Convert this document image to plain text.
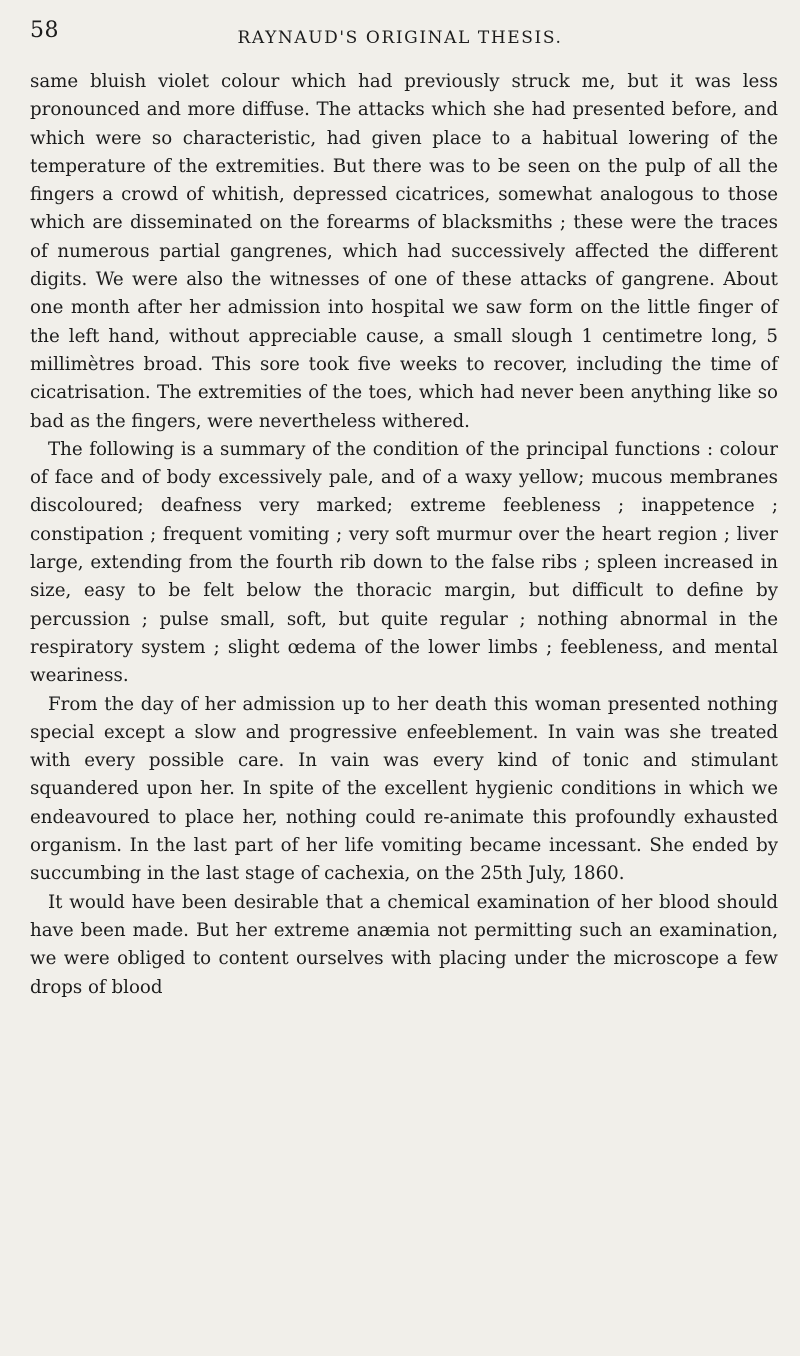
58	RAYNAUD'S ORIGINAL THESIS.

same bluish violet colour which had previously struck me, but it was less pronounced and more diffuse. The attacks which she had presented before, and which were so characteristic, had given place to a habitual lowering of the temperature of the extremities. But there was to be seen on the pulp of all the fingers a crowd of whitish, depressed cicatrices, somewhat analogous to those which are disseminated on the forearms of blacksmiths ; these were the traces of numerous partial gangrenes, which had successively affected the different digits. We were also the witnesses of one of these attacks of gangrene. About one month after her admission into hospital we saw form on the little finger of the left hand, without appreciable cause, a small slough 1 centimetre long, 5 millimètres broad. This sore took five weeks to recover, including the time of cicatrisation. The extremities of the toes, which had never been anything like so bad as the fingers, were nevertheless withered.

The following is a summary of the condition of the principal functions : colour of face and of body excessively pale, and of a waxy yellow; mucous membranes discoloured; deafness very marked; extreme feebleness ; inappetence ; constipation ; frequent vomiting ; very soft murmur over the heart region ; liver large, extending from the fourth rib down to the false ribs ; spleen increased in size, easy to be felt below the thoracic margin, but difficult to define by percussion ; pulse small, soft, but quite regular ; nothing abnormal in the respiratory system ; slight œdema of the lower limbs ; feebleness, and mental weariness.

From the day of her admission up to her death this woman presented nothing special except a slow and progressive enfeeblement. In vain was she treated with every possible care. In vain was every kind of tonic and stimulant squandered upon her. In spite of the excellent hygienic conditions in which we endeavoured to place her, nothing could re-animate this profoundly exhausted organism. In the last part of her life vomiting became incessant. She ended by succumbing in the last stage of cachexia, on the 25th July, 1860.

It would have been desirable that a chemical examination of her blood should have been made. But her extreme anæmia not permitting such an examination, we were obliged to content ourselves with placing under the microscope a few drops of blood
